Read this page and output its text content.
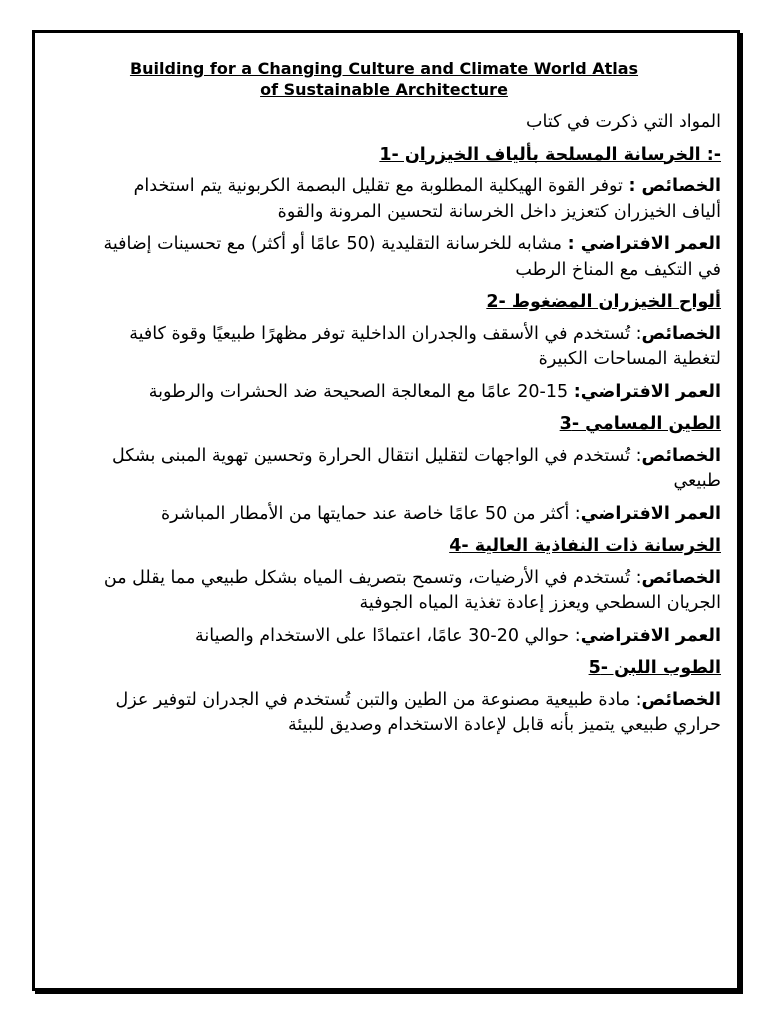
Building for a Changing Culture and Climate World Atlas
of Sustainable Architecture

المواد التي ذكرت في كتاب

-: الخرسانة المسلحة بألياف الخيزران -1

الخصائص : توفر القوة الهيكلية المطلوبة مع تقليل البصمة الكربونية يتم استخدام ألياف الخيزران كتعزيز داخل الخرسانة لتحسين المرونة والقوة

العمر الافتراضي : مشابه للخرسانة التقليدية (50 عامًا أو أكثر) مع تحسينات إضافية في التكيف مع المناخ الرطب

ألواح الخيزران المضغوط -2

الخصائص: تُستخدم في الأسقف والجدران الداخلية توفر مظهرًا طبيعيًا وقوة كافية لتغطية المساحات الكبيرة

العمر الافتراضي: 15-20 عامًا مع المعالجة الصحيحة ضد الحشرات والرطوبة

الطين المسامي -3

الخصائص: تُستخدم في الواجهات لتقليل انتقال الحرارة وتحسين تهوية المبنى بشكل طبيعي

العمر الافتراضي: أكثر من 50 عامًا خاصة عند حمايتها من الأمطار المباشرة

الخرسانة ذات النفاذية العالية -4

الخصائص: تُستخدم في الأرضيات، وتسمح بتصريف المياه بشكل طبيعي مما يقلل من الجريان السطحي ويعزز إعادة تغذية المياه الجوفية

العمر الافتراضي: حوالي 20-30 عامًا، اعتمادًا على الاستخدام والصيانة

الطوب اللبن -5

الخصائص: مادة طبيعية مصنوعة من الطين والتبن تُستخدم في الجدران لتوفير عزل حراري طبيعي يتميز بأنه قابل لإعادة الاستخدام وصديق للبيئة
